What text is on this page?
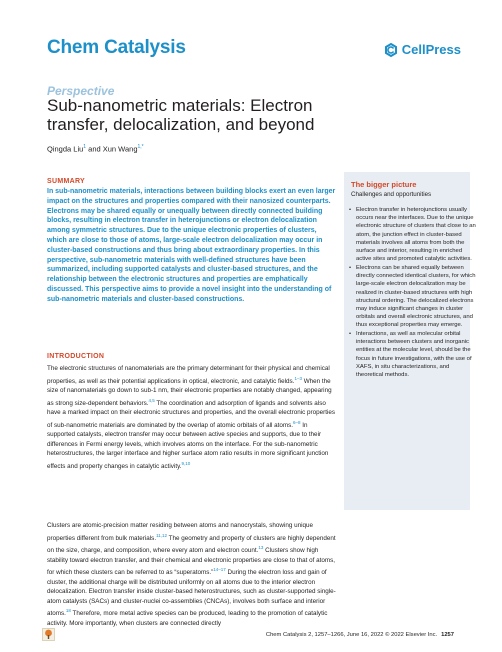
Chem Catalysis	CellPress
Perspective
Sub-nanometric materials: Electron transfer, delocalization, and beyond
Qingda Liu$^1$ and Xun Wang$^{1,*}$
SUMMARY
In sub-nanometric materials, interactions between building blocks exert an even larger impact on the structures and properties compared with their nanosized counterparts. Electrons may be shared equally or unequally between directly connected building blocks, resulting in electron transfer in heterojunctions or electron delocalization among symmetric structures. Due to the unique electronic properties of clusters, which are close to those of atoms, large-scale electron delocalization may occur in cluster-based constructions and thus bring about extraordinary properties. In this perspective, sub-nanometric materials with well-defined structures have been summarized, including supported catalysts and cluster-based structures, and the relationship between the electronic structures and properties are emphatically discussed. This perspective aims to provide a novel insight into the understanding of sub-nanometric materials and cluster-based constructions.
INTRODUCTION
The electronic structures of nanomaterials are the primary determinant for their physical and chemical properties, as well as their potential applications in optical, electronic, and catalytic fields.$^{1-3}$ When the size of nanomaterials go down to sub-1 nm, their electronic properties are notably changed, appearing as strong size-dependent behaviors.$^{4,5}$ The coordination and adsorption of ligands and solvents also have a marked impact on their electronic structures and properties, and the overall electronic properties of sub-nanometric materials are dominated by the overlap of atomic orbitals of all atoms.$^{6-8}$ In supported catalysts, electron transfer may occur between active species and supports, due to their differences in Fermi energy levels, which involves atoms on the interface. For the sub-nanometric heterostructures, the larger interface and higher surface atom ratio results in more significant junction effects and property changes in catalytic activity.$^{9,10}$
Clusters are atomic-precision matter residing between atoms and nanocrystals, showing unique properties different from bulk materials.$^{11,12}$ The geometry and property of clusters are highly dependent on the size, charge, and composition, where every atom and electron count.$^{13}$ Clusters show high stability toward electron transfer, and their chemical and electronic properties are close to that of atoms, for which these clusters can be referred to as “superatoms.”$^{14-17}$ During the electron loss and gain of cluster, the additional charge will be distributed uniformly on all atoms due to the interior electron delocalization. Electron transfer inside cluster-based heterostructures, such as cluster-supported single-atom catalysts (SACs) and cluster-nuclei co-assemblies (CNCAs), involves both surface and interior atoms.$^{18}$ Therefore, more metal active species can be produced, leading to the promotion of catalytic activity. More importantly, when clusters are connected directly
The bigger picture
Challenges and opportunities
• Electron transfer in heterojunctions usually occurs near the interfaces. Due to the unique electronic structure of clusters that close to an atom, the junction effect in cluster-based materials involves all atoms from both the surface and interior, resulting in enriched active sites and promoted catalytic activities.
• Electrons can be shared equally between directly connected identical clusters, for which large-scale electron delocalization may be realized in cluster-based structures with high structural ordering. The delocalized electrons may induce significant changes in cluster orbitals and overall electronic structures, and thus exceptional properties may emerge.
• Interactions, as well as molecular orbital interactions between clusters and inorganic entities at the molecular level, should be the focus in future investigations, with the use of XAFS, in situ characterizations, and theoretical methods.
Chem Catalysis 2, 1257–1266, June 16, 2022 © 2022 Elsevier Inc. 1257
